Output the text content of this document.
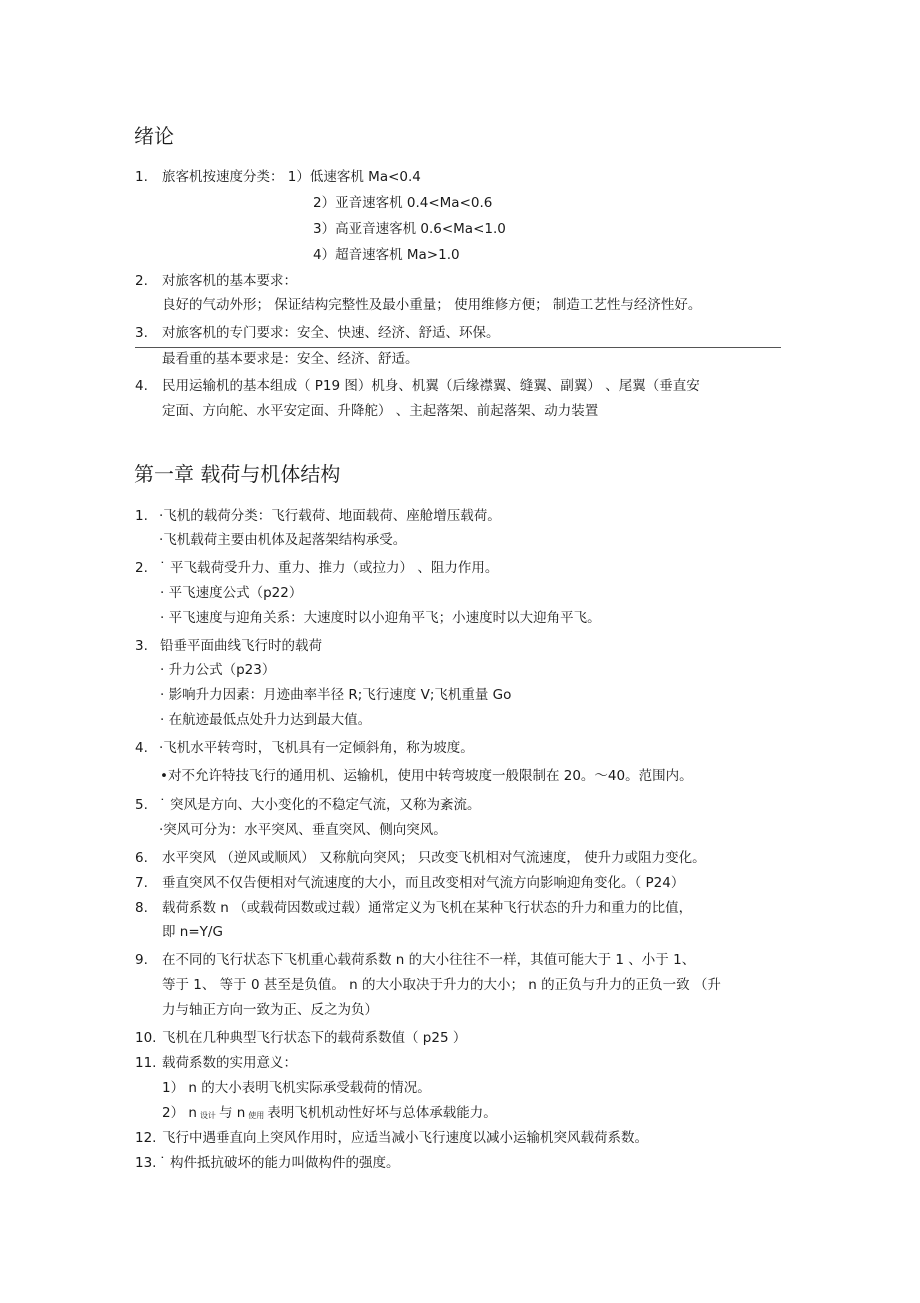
绪论
1. 旅客机按速度分类： 1）低速客机 Ma<0.4
2）亚音速客机 0.4<Ma<0.6
3）高亚音速客机 0.6<Ma<1.0
4）超音速客机 Ma>1.0
2. 对旅客机的基本要求：
良好的气动外形； 保证结构完整性及最小重量； 使用维修方便； 制造工艺性与经济性好。
3. 对旅客机的专门要求：安全、快速、经济、舒适、环保。
最看重的基本要求是：安全、经济、舒适。
4. 民用运输机的基本组成（ P19 图）机身、机翼（后缘襟翼、缝翼、副翼） 、尾翼（垂直安
定面、方向舵、水平安定面、升降舵） 、主起落架、前起落架、动力装置
第一章 载荷与机体结构
1. ·飞机的载荷分类：飞行载荷、地面载荷、座舱增压载荷。
·飞机载荷主要由机体及起落架结构承受。
2. ˙ 平飞载荷受升力、重力、推力（或拉力） 、阻力作用。
· 平飞速度公式（p22）
· 平飞速度与迎角关系：大速度时以小迎角平飞；小速度时以大迎角平飞。
3. 铅垂平面曲线飞行时的载荷
· 升力公式（p23）
· 影响升力因素：月迹曲率半径 R;飞行速度 V;飞机重量 Go
· 在航迹最低点处升力达到最大值。
4. ·飞机水平转弯时，飞机具有一定倾斜角，称为坡度。
•对不允许特技飞行的通用机、运输机，使用中转弯坡度一般限制在 20。〜40。范围内。
5. ˙ 突风是方向、大小变化的不稳定气流，又称为紊流。
·突风可分为：水平突风、垂直突风、侧向突风。
6. 水平突风 （逆风或顺风） 又称航向突风； 只改变飞机相对气流速度， 使升力或阻力变化。
7. 垂直突风不仅告便相对气流速度的大小，而且改变相对气流方向影响迎角变化。（ P24）
8. 载荷系数 n （或载荷因数或过载）通常定义为飞机在某种飞行状态的升力和重力的比值，
即 n=Y/G
9. 在不同的飞行状态下飞机重心载荷系数 n 的大小往往不一样，其值可能大于 1 、小于 1、
等于 1、 等于 0 甚至是负值。 n 的大小取决于升力的大小； n 的正负与升力的正负一致 （升
力与轴正方向一致为正、反之为负）
10. 飞机在几种典型飞行状态下的载荷系数值（ p25 ）
11. 载荷系数的实用意义：
1） n 的大小表明飞机实际承受载荷的情况。
2） n $_{设计}$ 与 n $_{使用}$ 表明飞机机动性好坏与总体承载能力。
12. 飞行中遇垂直向上突风作用时，应适当减小飞行速度以减小运输机突风载荷系数。
13. ˙ 构件抵抗破坏的能力叫做构件的强度。
